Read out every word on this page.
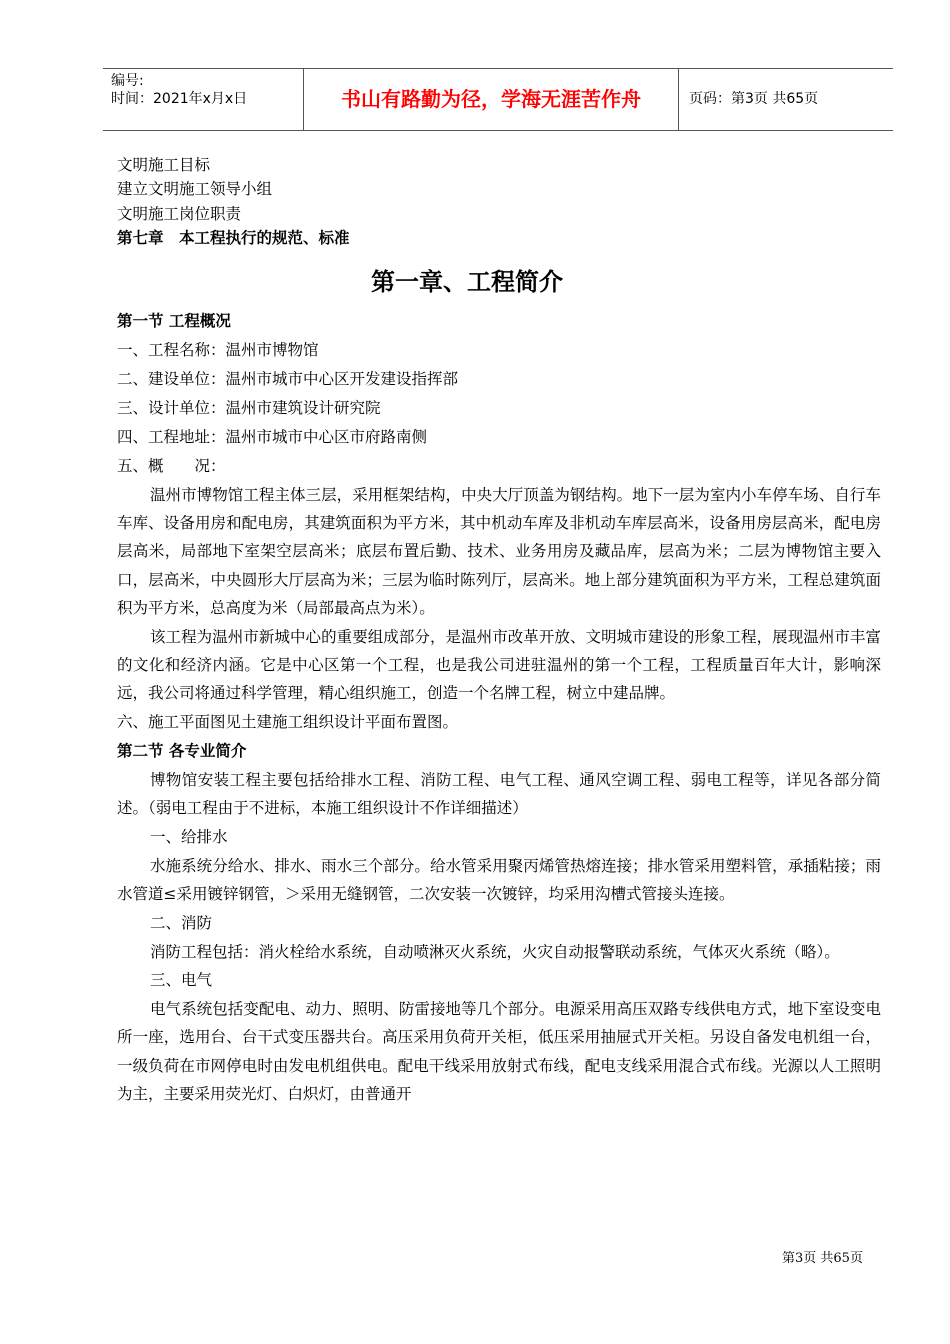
编号:
时间：2021年x月x日	书山有路勤为径，学海无涯苦作舟	页码：第3页 共65页
文明施工目标
建立文明施工领导小组
文明施工岗位职责
第七章　本工程执行的规范、标准
第一章、工程简介
第一节 工程概况
一、工程名称：温州市博物馆
二、建设单位：温州市城市中心区开发建设指挥部
三、设计单位：温州市建筑设计研究院
四、工程地址：温州市城市中心区市府路南侧
五、概　　况：
温州市博物馆工程主体三层，采用框架结构，中央大厅顶盖为钢结构。地下一层为室内小车停车场、自行车车库、设备用房和配电房，其建筑面积为平方米，其中机动车库及非机动车库层高米，设备用房层高米，配电房层高米，局部地下室架空层高米；底层布置后勤、技术、业务用房及藏品库，层高为米；二层为博物馆主要入口，层高米，中央圆形大厅层高为米；三层为临时陈列厅，层高米。地上部分建筑面积为平方米，工程总建筑面积为平方米，总高度为米（局部最高点为米）。
该工程为温州市新城中心的重要组成部分，是温州市改革开放、文明城市建设的形象工程，展现温州市丰富的文化和经济内涵。它是中心区第一个工程，也是我公司进驻温州的第一个工程，工程质量百年大计，影响深远，我公司将通过科学管理，精心组织施工，创造一个名牌工程，树立中建品牌。
六、施工平面图见土建施工组织设计平面布置图。
第二节 各专业简介
博物馆安装工程主要包括给排水工程、消防工程、电气工程、通风空调工程、弱电工程等，详见各部分简述。（弱电工程由于不进标，本施工组织设计不作详细描述）
一、给排水
水施系统分给水、排水、雨水三个部分。给水管采用聚丙烯管热熔连接；排水管采用塑料管，承插粘接；雨水管道≤采用镀锌钢管，＞采用无缝钢管，二次安装一次镀锌，均采用沟槽式管接头连接。
二、消防
消防工程包括：消火栓给水系统，自动喷淋灭火系统，火灾自动报警联动系统，气体灭火系统（略）。
三、电气
电气系统包括变配电、动力、照明、防雷接地等几个部分。电源采用高压双路专线供电方式，地下室设变电所一座，选用台、台干式变压器共台。高压采用负荷开关柜，低压采用抽屉式开关柜。另设自备发电机组一台，一级负荷在市网停电时由发电机组供电。配电干线采用放射式布线，配电支线采用混合式布线。光源以人工照明为主，主要采用荧光灯、白炽灯，由普通开
第3页 共65页
